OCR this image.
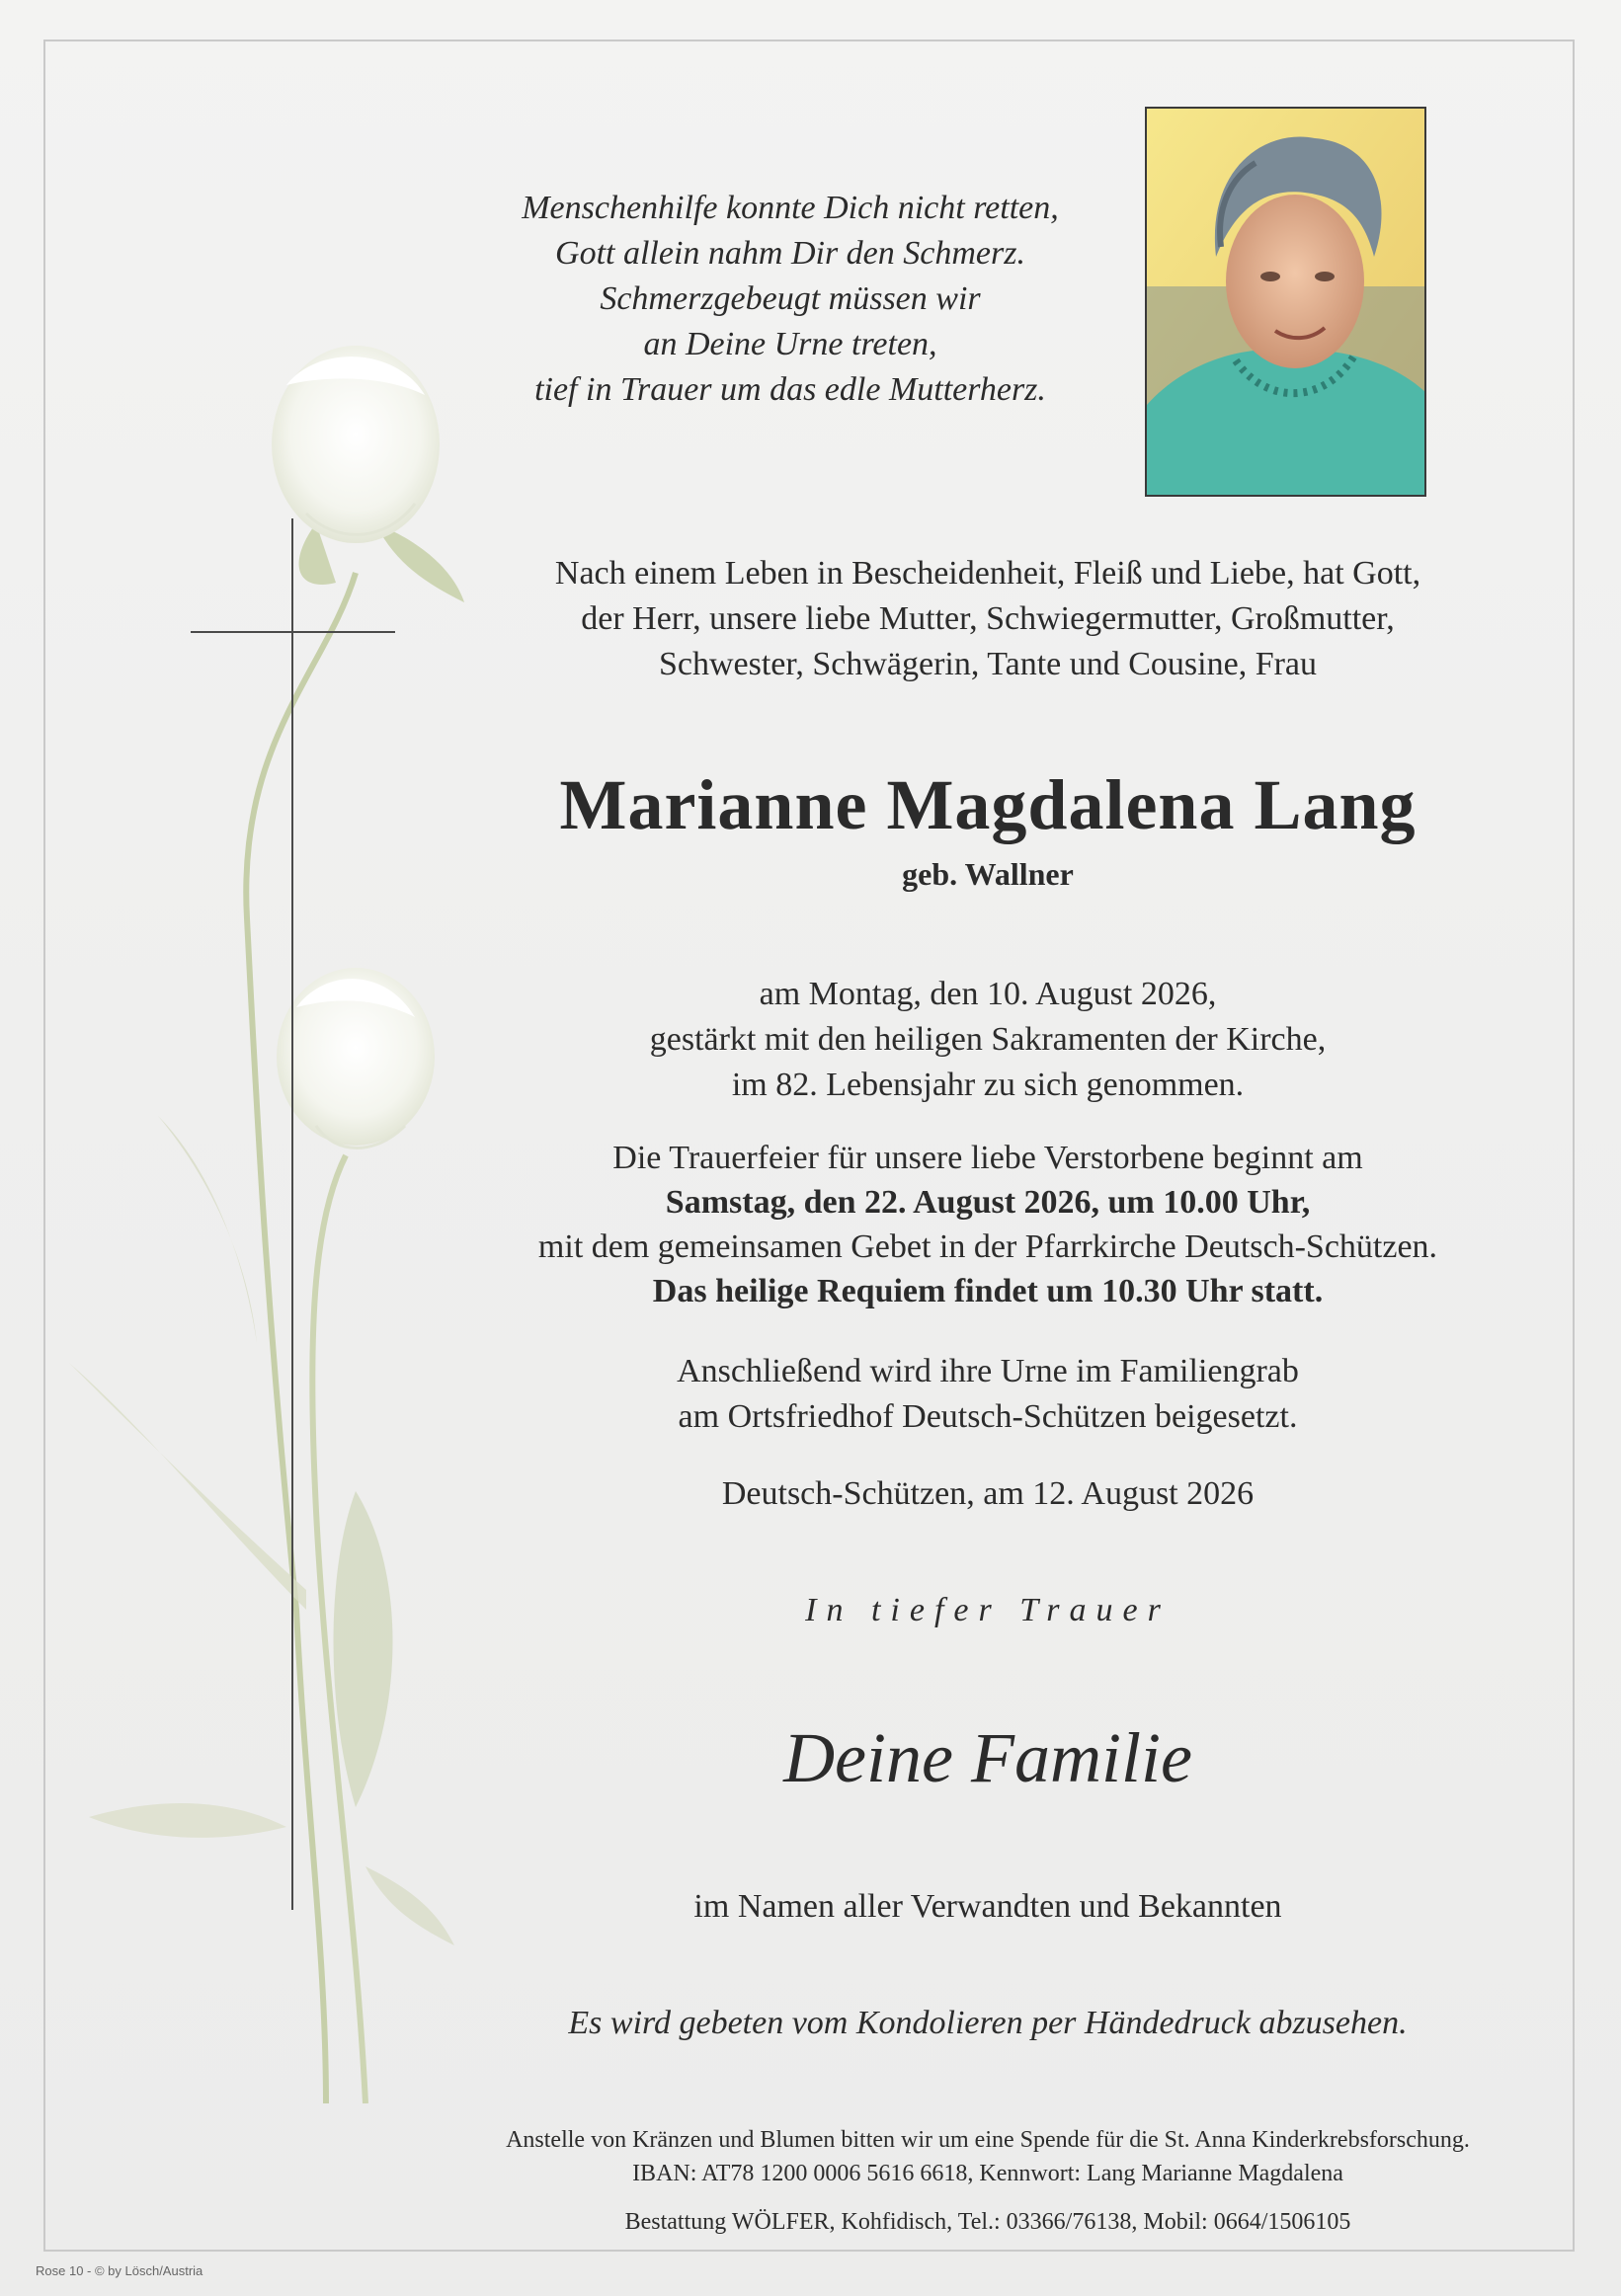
Menschenhilfe konnte Dich nicht retten,
Gott allein nahm Dir den Schmerz.
Schmerzgebeugt müssen wir
an Deine Urne treten,
tief in Trauer um das edle Mutterherz.
Nach einem Leben in Bescheidenheit, Fleiß und Liebe, hat Gott,
der Herr, unsere liebe Mutter, Schwiegermutter, Großmutter,
Schwester, Schwägerin, Tante und Cousine, Frau
Marianne Magdalena Lang
geb. Wallner
am Montag, den 10. August 2026,
gestärkt mit den heiligen Sakramenten der Kirche,
im 82. Lebensjahr zu sich genommen.
Die Trauerfeier für unsere liebe Verstorbene beginnt am
Samstag, den 22. August 2026, um 10.00 Uhr,
mit dem gemeinsamen Gebet in der Pfarrkirche Deutsch-Schützen.
Das heilige Requiem findet um 10.30 Uhr statt.
Anschließend wird ihre Urne im Familiengrab
am Ortsfriedhof Deutsch-Schützen beigesetzt.
Deutsch-Schützen, am 12. August 2026
In tiefer Trauer
Deine Familie
im Namen aller Verwandten und Bekannten
Es wird gebeten vom Kondolieren per Händedruck abzusehen.
Anstelle von Kränzen und Blumen bitten wir um eine Spende für die St. Anna Kinderkrebsforschung.
IBAN: AT78 1200 0006 5616 6618, Kennwort: Lang Marianne Magdalena
Bestattung WÖLFER, Kohfidisch, Tel.: 03366/76138, Mobil: 0664/1506105
Rose 10 - © by Lösch/Austria
